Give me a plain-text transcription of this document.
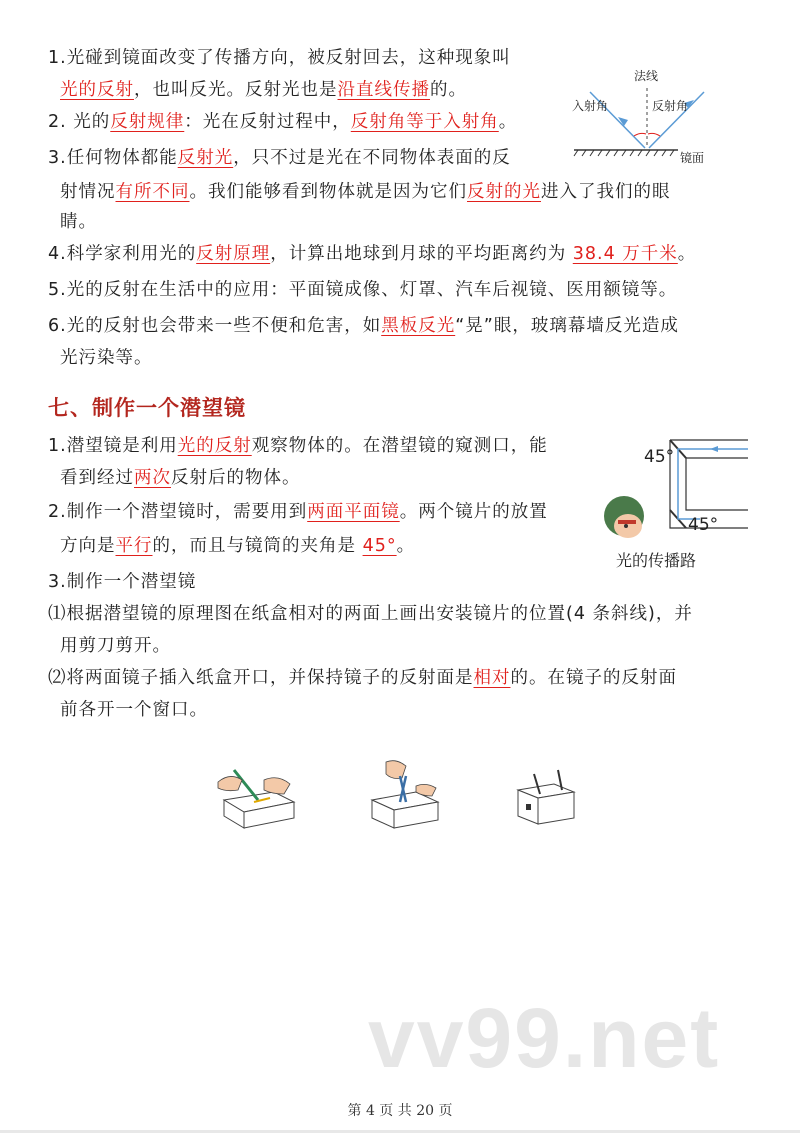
1.光碰到镜面改变了传播方向，被反射回去，这种现象叫
光的反射，也叫反光。反射光也是沿直线传播的。
2. 光的反射规律：光在反射过程中，反射角等于入射角。
3.任何物体都能反射光，只不过是光在不同物体表面的反
射情况有所不同。我们能够看到物体就是因为它们反射的光进入了我们的眼
睛。
4.科学家利用光的反射原理，计算出地球到月球的平均距离约为 38.4 万千米。
5.光的反射在生活中的应用：平面镜成像、灯罩、汽车后视镜、医用额镜等。
6.光的反射也会带来一些不便和危害，如黑板反光“晃”眼，玻璃幕墙反光造成
光污染等。
法线
入射角	反射角
镜面
七、制作一个潜望镜
1.潜望镜是利用光的反射观察物体的。在潜望镜的窥测口，能
看到经过两次反射后的物体。
2.制作一个潜望镜时，需要用到两面平面镜。两个镜片的放置
方向是平行的，而且与镜筒的夹角是 45°。
3.制作一个潜望镜
⑴根据潜望镜的原理图在纸盒相对的两面上画出安装镜片的位置(4 条斜线)，并
用剪刀剪开。
⑵将两面镜子插入纸盒开口，并保持镜子的反射面是相对的。在镜子的反射面
前各开一个窗口。
45°
45°
光的传播路
vv99.net
第 4 页 共 20 页
